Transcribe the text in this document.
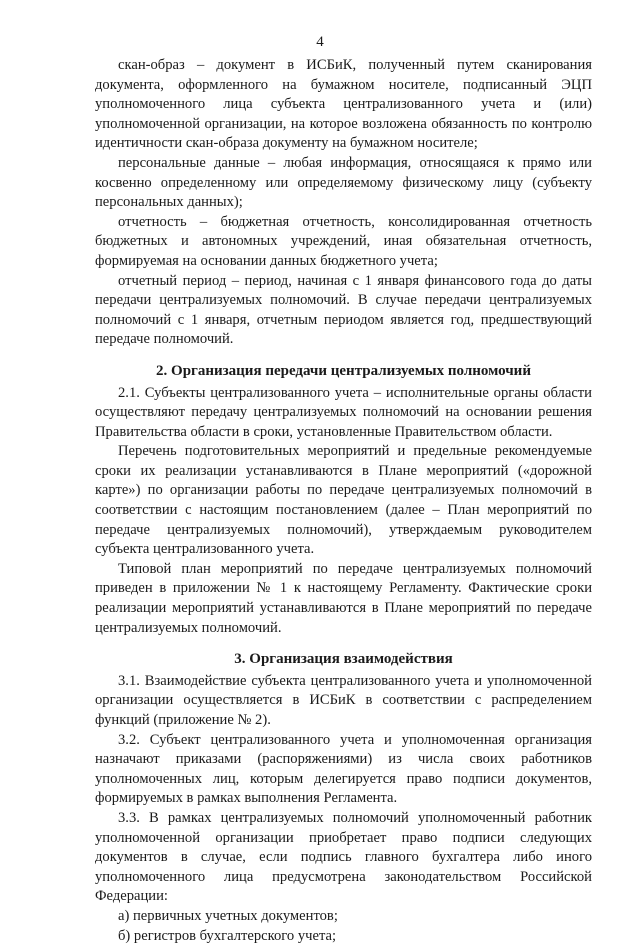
4

скан-образ – документ в ИСБиК, полученный путем сканирования документа, оформленного на бумажном носителе, подписанный ЭЦП уполномоченного лица субъекта централизованного учета и (или) уполномоченной организации, на которое возложена обязанность по контролю идентичности скан-образа документу на бумажном носителе;

персональные данные – любая информация, относящаяся к прямо или косвенно определенному или определяемому физическому лицу (субъекту персональных данных);

отчетность – бюджетная отчетность, консолидированная отчетность бюджетных и автономных учреждений, иная обязательная отчетность, формируемая на основании данных бюджетного учета;

отчетный период – период, начиная с 1 января финансового года до даты передачи централизуемых полномочий. В случае передачи централизуемых полномочий с 1 января, отчетным периодом является год, предшествующий передаче полномочий.

2. Организация передачи централизуемых полномочий

2.1. Субъекты централизованного учета – исполнительные органы области осуществляют передачу централизуемых полномочий на основании решения Правительства области в сроки, установленные Правительством области.

Перечень подготовительных мероприятий и предельные рекомендуемые сроки их реализации устанавливаются в Плане мероприятий («дорожной карте») по организации работы по передаче централизуемых полномочий в соответствии с настоящим постановлением (далее – План мероприятий по передаче централизуемых полномочий), утверждаемым руководителем субъекта централизованного учета.

Типовой план мероприятий по передаче централизуемых полномочий приведен в приложении № 1 к настоящему Регламенту. Фактические сроки реализации мероприятий устанавливаются в Плане мероприятий по передаче централизуемых полномочий.

3. Организация взаимодействия

3.1. Взаимодействие субъекта централизованного учета и уполномоченной организации осуществляется в ИСБиК в соответствии с распределением функций (приложение № 2).

3.2. Субъект централизованного учета и уполномоченная организация назначают приказами (распоряжениями) из числа своих работников уполномоченных лиц, которым делегируется право подписи документов, формируемых в рамках выполнения Регламента.

3.3. В рамках централизуемых полномочий уполномоченный работник уполномоченной организации приобретает право подписи следующих документов в случае, если подпись главного бухгалтера либо иного уполномоченного лица предусмотрена законодательством Российской Федерации:

а) первичных учетных документов;

б) регистров бухгалтерского учета;
